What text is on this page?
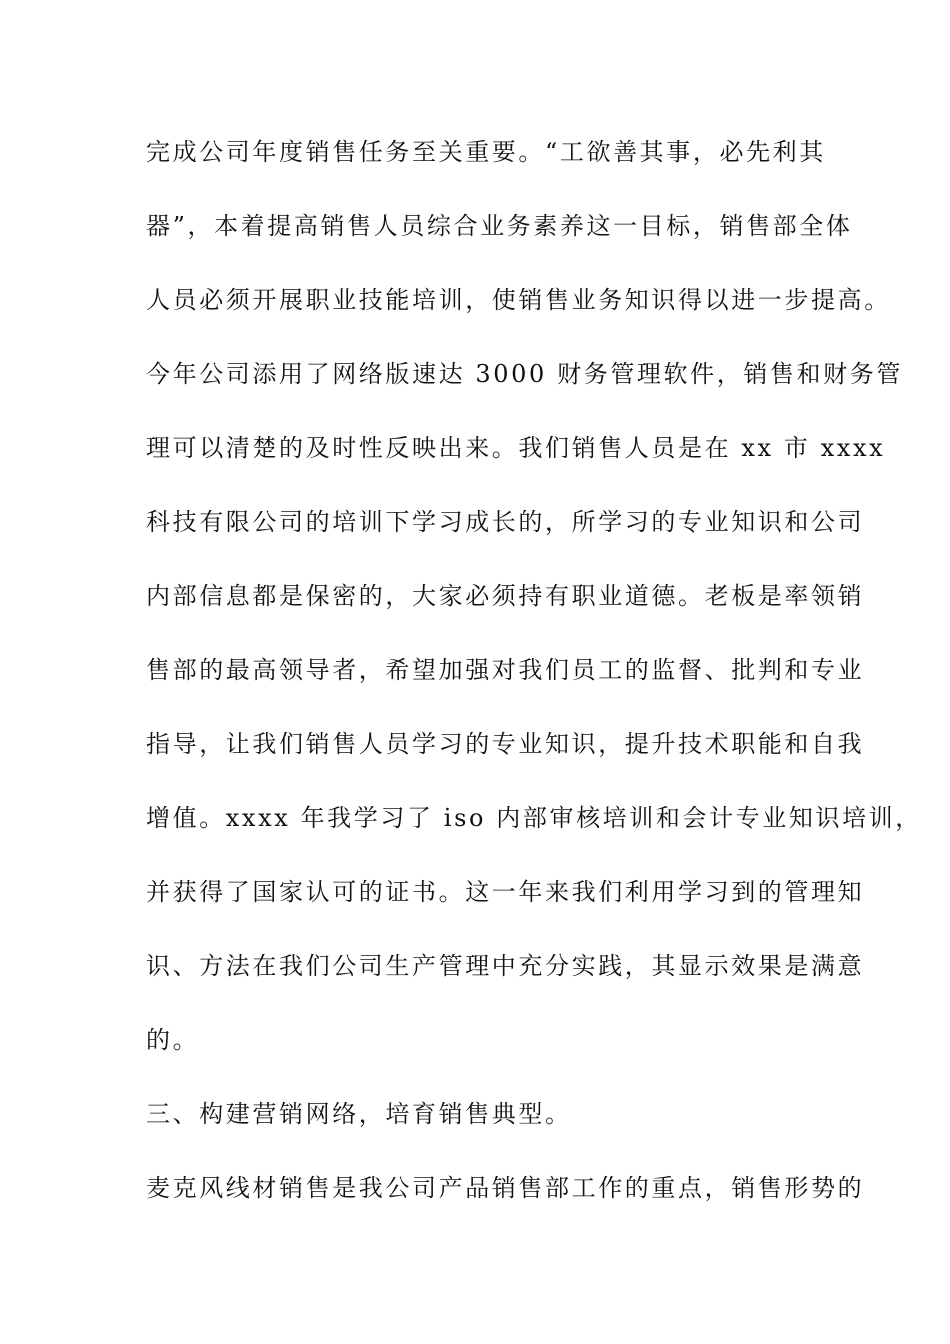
完成公司年度销售任务至关重要。“工欲善其事，必先利其
器”，本着提高销售人员综合业务素养这一目标，销售部全体
人员必须开展职业技能培训，使销售业务知识得以进一步提高。
今年公司添用了网络版速达 3000 财务管理软件，销售和财务管
理可以清楚的及时性反映出来。我们销售人员是在 xx 市 xxxx
科技有限公司的培训下学习成长的，所学习的专业知识和公司
内部信息都是保密的，大家必须持有职业道德。老板是率领销
售部的最高领导者，希望加强对我们员工的监督、批判和专业
指导，让我们销售人员学习的专业知识，提升技术职能和自我
增值。xxxx 年我学习了 iso 内部审核培训和会计专业知识培训，
并获得了国家认可的证书。这一年来我们利用学习到的管理知
识、方法在我们公司生产管理中充分实践，其显示效果是满意
的。
三、构建营销网络，培育销售典型。
麦克风线材销售是我公司产品销售部工作的重点，销售形势的
